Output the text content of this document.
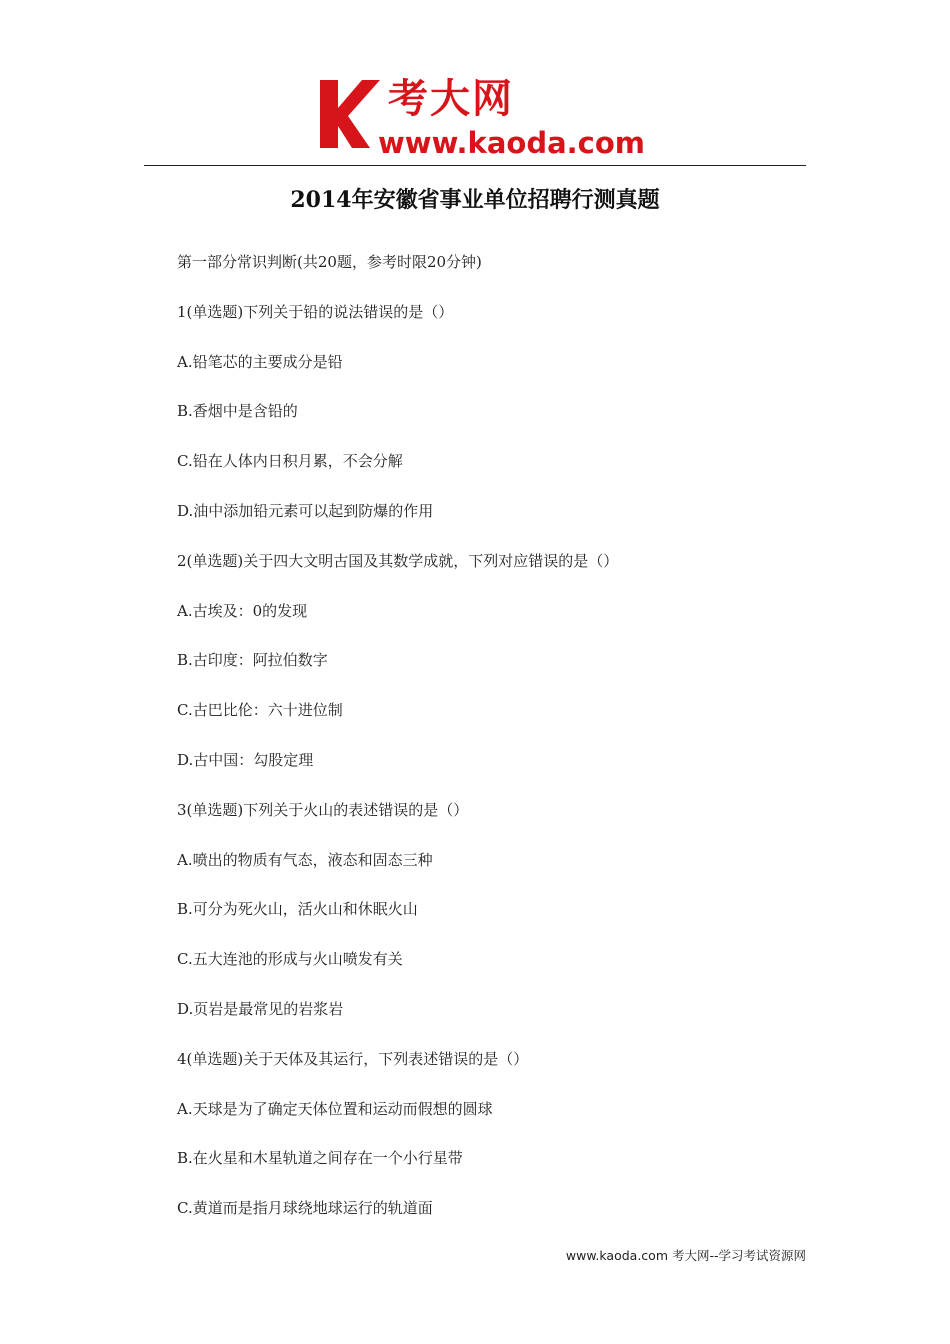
考大网
www.kaoda.com
2014年安徽省事业单位招聘行测真题
第一部分常识判断(共20题，参考时限20分钟)
1(单选题)下列关于铅的说法错误的是（）
A.铅笔芯的主要成分是铅
B.香烟中是含铅的
C.铅在人体内日积月累，不会分解
D.油中添加铅元素可以起到防爆的作用
2(单选题)关于四大文明古国及其数学成就，下列对应错误的是（）
A.古埃及：0的发现
B.古印度：阿拉伯数字
C.古巴比伦：六十进位制
D.古中国：勾股定理
3(单选题)下列关于火山的表述错误的是（）
A.喷出的物质有气态，液态和固态三种
B.可分为死火山，活火山和休眠火山
C.五大连池的形成与火山喷发有关
D.页岩是最常见的岩浆岩
4(单选题)关于天体及其运行，下列表述错误的是（）
A.天球是为了确定天体位置和运动而假想的圆球
B.在火星和木星轨道之间存在一个小行星带
C.黄道而是指月球绕地球运行的轨道面
www.kaoda.com 考大网--学习考试资源网
